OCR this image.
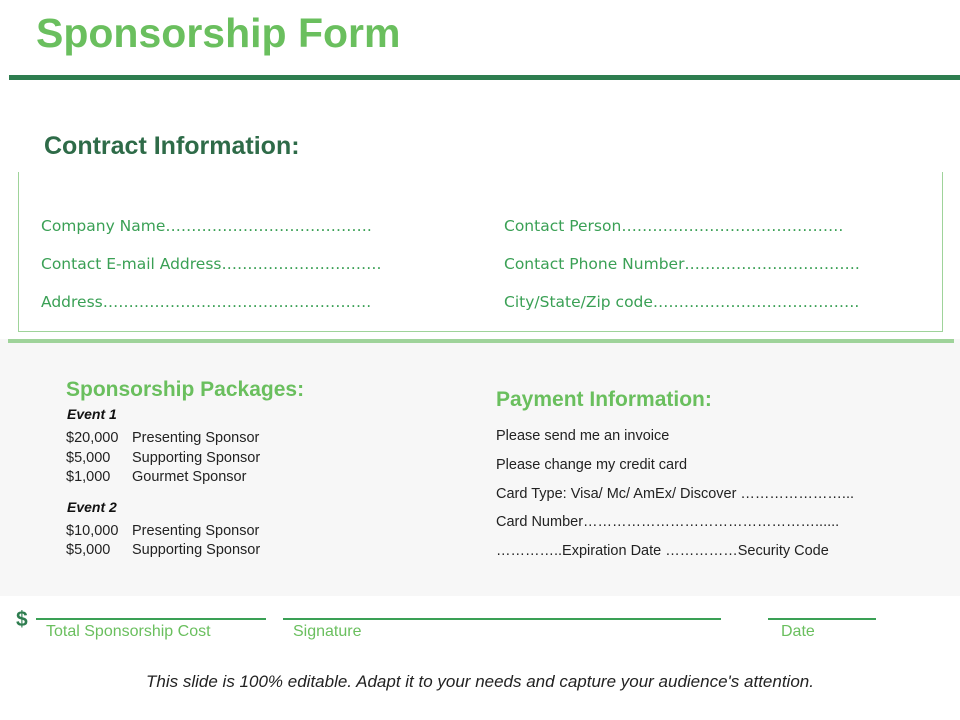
Sponsorship Form
Contract Information:
Company Name………………………………….	Contact Person…………………………………….
Contact E-mail Address………………………….	Contact Phone Number…………………………….
Address…………………………………………….	City/State/Zip code………………………………….
Sponsorship Packages:
Event 1
$20,000 Presenting Sponsor
$5,000 Supporting Sponsor
$1,000 Gourmet Sponsor
Event 2
$10,000 Presenting Sponsor
$5,000 Supporting Sponsor
Payment Information:
Please send me an invoice
Please change my credit card
Card Type: Visa/ Mc/ AmEx/ Discover …………………...
Card Number…………………………………………......
…………..Expiration Date ……………Security Code
$
Total Sponsorship Cost	Signature	Date
This slide is 100% editable. Adapt it to your needs and capture your audience's attention.
